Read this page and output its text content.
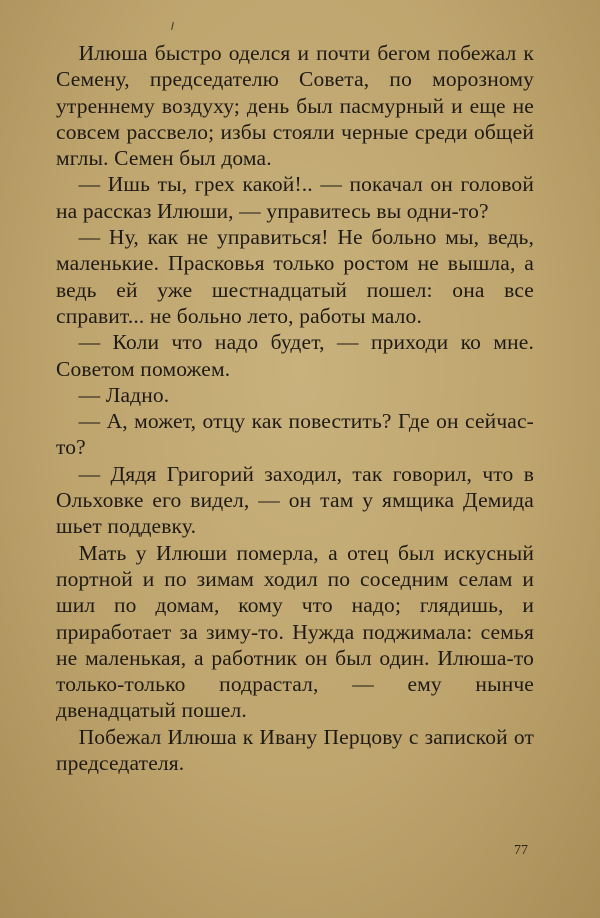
Илюша быстро оделся и почти бегом побежал к Семену, председателю Совета, по морозному утреннему воздуху; день был пасмурный и еще не совсем рассвело; избы стояли черные среди общей мглы. Семен был дома.

— Ишь ты, грех какой!.. — покачал он головой на рассказ Илюши, — управитесь вы одни-то?

— Ну, как не управиться! Не больно мы, ведь, маленькие. Прасковья только ростом не вышла, а ведь ей уже шестнадцатый пошел: она все справит... не больно лето, работы мало.

— Коли что надо будет, — приходи ко мне. Советом поможем.

— Ладно.

— А, может, отцу как повестить? Где он сейчас-то?

— Дядя Григорий заходил, так говорил, что в Ольховке его видел, — он там у ямщика Демида шьет поддевку.

Мать у Илюши померла, а отец был искусный портной и по зимам ходил по соседним селам и шил по домам, кому что надо; глядишь, и приработает за зиму-то. Нужда поджимала: семья не маленькая, а работник он был один. Илюша-то только-только подрастал, — ему нынче двенадцатый пошел.

Побежал Илюша к Ивану Перцову с запиской от председателя.

77
